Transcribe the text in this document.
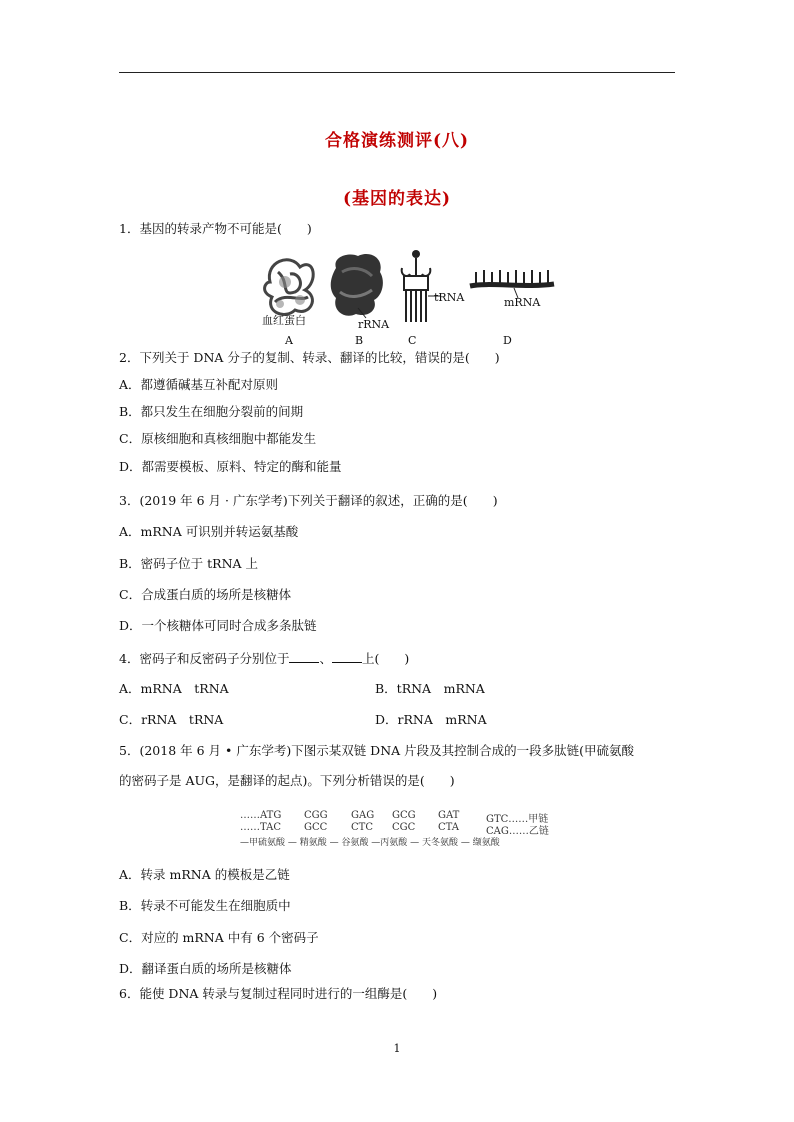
合格演练测评(八)
(基因的表达)
1．基因的转录产物不可能是(　　)
血红蛋白	rRNA
tRNA	mRNA
A	B	C	D
2．下列关于 DNA 分子的复制、转录、翻译的比较，错误的是(　　)
A．都遵循碱基互补配对原则
B．都只发生在细胞分裂前的间期
C．原核细胞和真核细胞中都能发生
D．都需要模板、原料、特定的酶和能量
3．(2019 年 6 月 · 广东学考)下列关于翻译的叙述，正确的是(　　)
A．mRNA 可识别并转运氨基酸
B．密码子位于 tRNA 上
C．合成蛋白质的场所是核糖体
D．一个核糖体可同时合成多条肽链
4．密码子和反密码子分别位于 、 上(　　)
A．mRNA　tRNA	B．tRNA　mRNA
C．rRNA　tRNA	D．rRNA　mRNA
5．(2018 年 6 月 • 广东学考)下图示某双链 DNA 片段及其控制合成的一段多肽链(甲硫氨酸
的密码子是 AUG，是翻译的起点)。下列分析错误的是(　　)
……ATG CGG GAG GCG GAT	GTC……甲链
……TAC GCC CTC CGC CTA	CAG……乙链
—甲硫氨酸 — 精氨酸 — 谷氨酸 —丙氨酸 — 天冬氨酸 — 缬氨酸
A．转录 mRNA 的模板是乙链
B．转录不可能发生在细胞质中
C．对应的 mRNA 中有 6 个密码子
D．翻译蛋白质的场所是核糖体
6．能使 DNA 转录与复制过程同时进行的一组酶是(　　)
1
